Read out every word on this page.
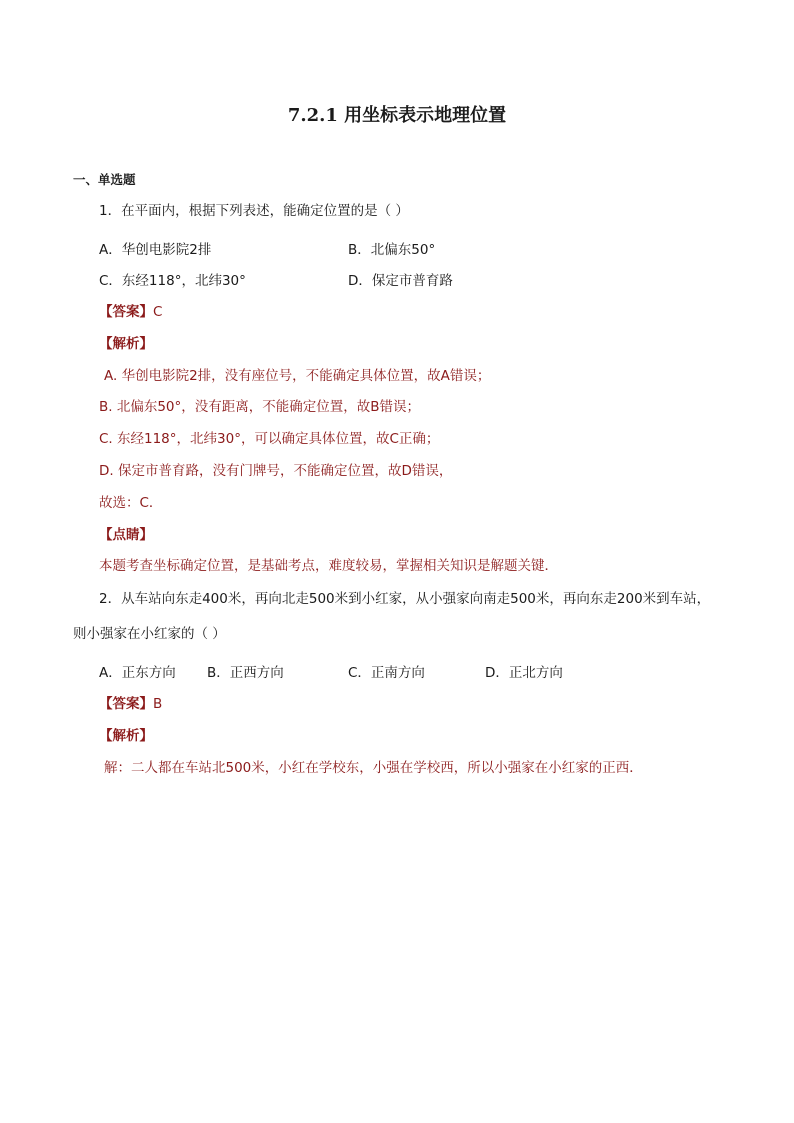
7.2.1 用坐标表示地理位置
一、单选题
1．在平面内，根据下列表述，能确定位置的是（ ）
A．华创电影院2排	B．北偏东50°
C．东经118°，北纬30°	D．保定市普育路
【答案】C
【解析】
A. 华创电影院2排，没有座位号，不能确定具体位置，故A错误；
B. 北偏东50°，没有距离，不能确定位置，故B错误；
C. 东经118°，北纬30°，可以确定具体位置，故C正确；
D. 保定市普育路，没有门牌号，不能确定位置，故D错误，
故选：C．
【点睛】
本题考查坐标确定位置，是基础考点，难度较易，掌握相关知识是解题关键．
2．从车站向东走400米，再向北走500米到小红家，从小强家向南走500米，再向东走200米到车站，
则小强家在小红家的（ ）
A．正东方向 B．正西方向	C．正南方向	D．正北方向
【答案】B
【解析】
解：二人都在车站北500米，小红在学校东，小强在学校西，所以小强家在小红家的正西．
